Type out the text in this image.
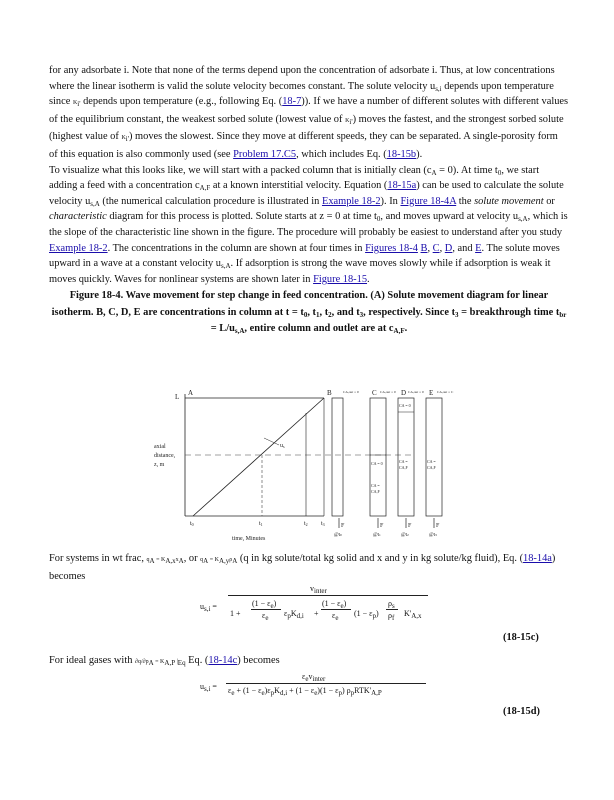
for any adsorbate i. Note that none of the terms depend upon the concentration of adsorbate i. Thus, at low concentrations where the linear isotherm is valid the solute velocity becomes constant. The solute velocity $u_{s,i}$ depends upon temperature since $K_{i'}$ depends upon temperature (e.g., following Eq. (18-7)). If we have a number of different solutes with different values of the equilibrium constant, the weakest sorbed solute (lowest value of $K_{i'}$) moves the fastest, and the strongest sorbed solute (highest value of $K_{i'}$) moves the slowest. Since they move at different speeds, they can be separated. A single-porosity form of this equation is also commonly used (see Problem 17.C5, which includes Eq. (18-15b).

To visualize what this looks like, we will start with a packed column that is initially clean $(c_A = 0)$. At time $t_0$, we start adding a feed with a concentration $c_{A,F}$ at a known interstitial velocity. Equation (18-15a) can be used to calculate the solute velocity $u_{s,A}$ (the numerical calculation procedure is illustrated in Example 18-2). In Figure 18-4A the solute movement or characteristic diagram for this process is plotted. Solute starts at z = 0 at time $t_0$, and moves upward at velocity $u_{s,A}$, which is the slope of the characteristic line shown in the figure. The procedure will probably be easiest to understand after you study Example 18-2. The concentrations in the column are shown at four times in Figures 18-4 B, C, D, and E. The solute moves upward in a wave at a constant velocity $u_{s,A}$. If adsorption is strong the wave moves slowly while if adsorption is weak it moves quickly. Waves for nonlinear systems are shown later in Figure 18-15.

Figure 18-4. Wave movement for step change in feed concentration. (A) Solute movement diagram for linear isotherm. B, C, D, E are concentrations in column at $t = t_0$, $t_1$, $t_2$, and $t_3$, respectively. Since $t_3$ = breakthrough time $t_{br} = L/u_{s,A}$, entire column and outlet are at $c_{A,F}$.

L A	B
axial
distance,
z, m
us
t0	t1	t2 t3
time, Minutes
C
CA = 0
CA =
CA,F
D
CA = 0
CA =
CA,F
E
CA =
CA,F
CA,out = 0	CA,out = 0	CA,out = 0	CA,out = C
F	F	F	F
@t0	@t1	@t2	@t3

For systems in wt frac, $q_A = K_{A,x}x_A$, or $q_A = K_{A,y}\rho_A$ (q in kg solute/total kg solid and x and y in kg solute/kg fluid), Eq. (18-14a) becomes

$u_{s,i}$ =
$v_{inter}$
1 +
$(1 - \varepsilon_e)$
$\varepsilon_e$ $\varepsilon_pK_{d,i}$ +
$(1 - \varepsilon_e)$
$\varepsilon_e$ $(1 - \varepsilon_p)$
$\rho_s$
$\rho_f$ $K'_{A,x}$
(18-15c)

For ideal gases with $\partial q/\partial p_A = K_{A,P}$ $|_{Eq}$ Eq. (18-14c) becomes

$u_{s,i}$ =
$\varepsilon_ev_{inter}$
$\varepsilon_e + (1 - \varepsilon_e)\varepsilon_pK_{d,i} + (1 - \varepsilon_e)(1 - \varepsilon_p)$ $\rho_pRTK'_{A,P}$
(18-15d)
